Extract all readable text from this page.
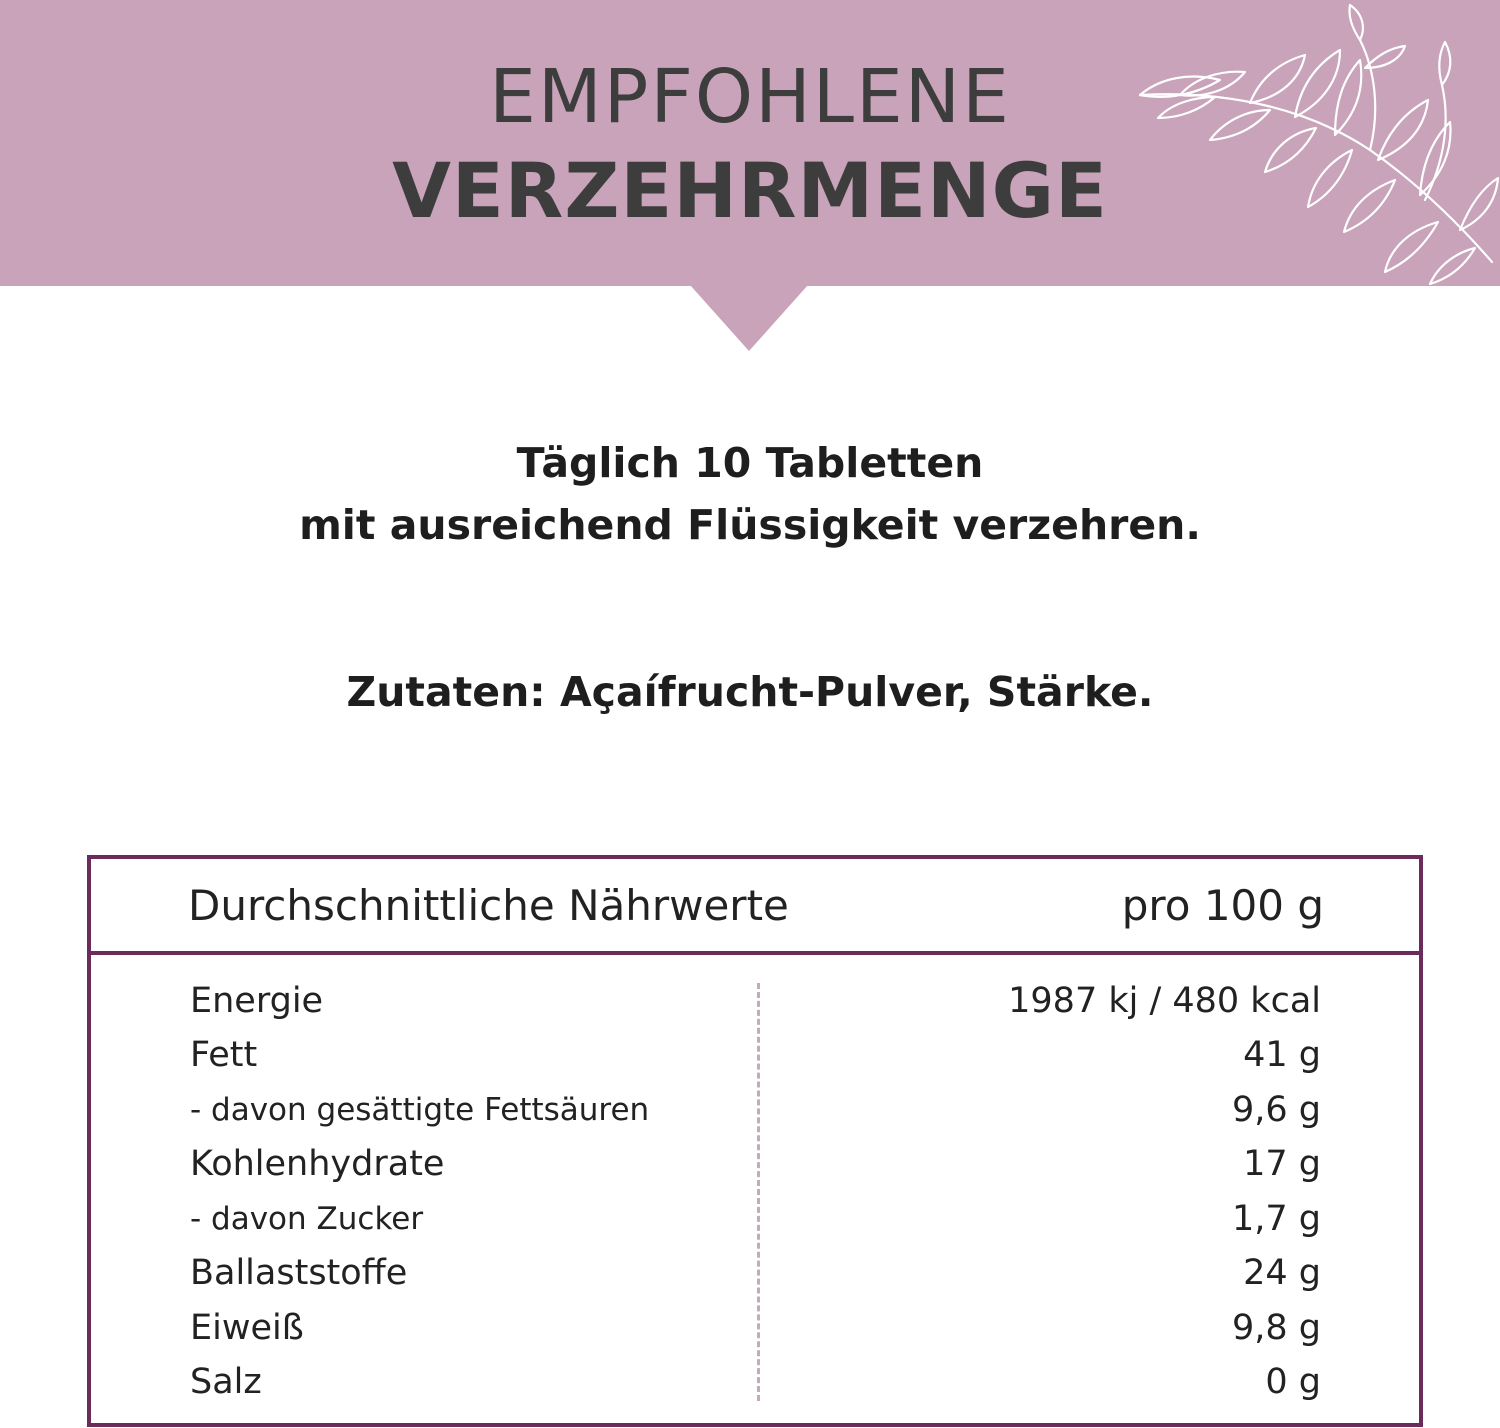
EMPFOHLENE
VERZEHRMENGE
Täglich 10 Tabletten
mit ausreichend Flüssigkeit verzehren.
Zutaten: Açaífrucht-Pulver, Stärke.
Durchschnittliche Nährwerte	pro 100 g
Energie	1987 kj / 480 kcal
Fett	41 g
- davon gesättigte Fettsäuren	9,6 g
Kohlenhydrate	17 g
- davon Zucker	1,7 g
Ballaststoffe	24 g
Eiweiß	9,8 g
Salz	0 g
